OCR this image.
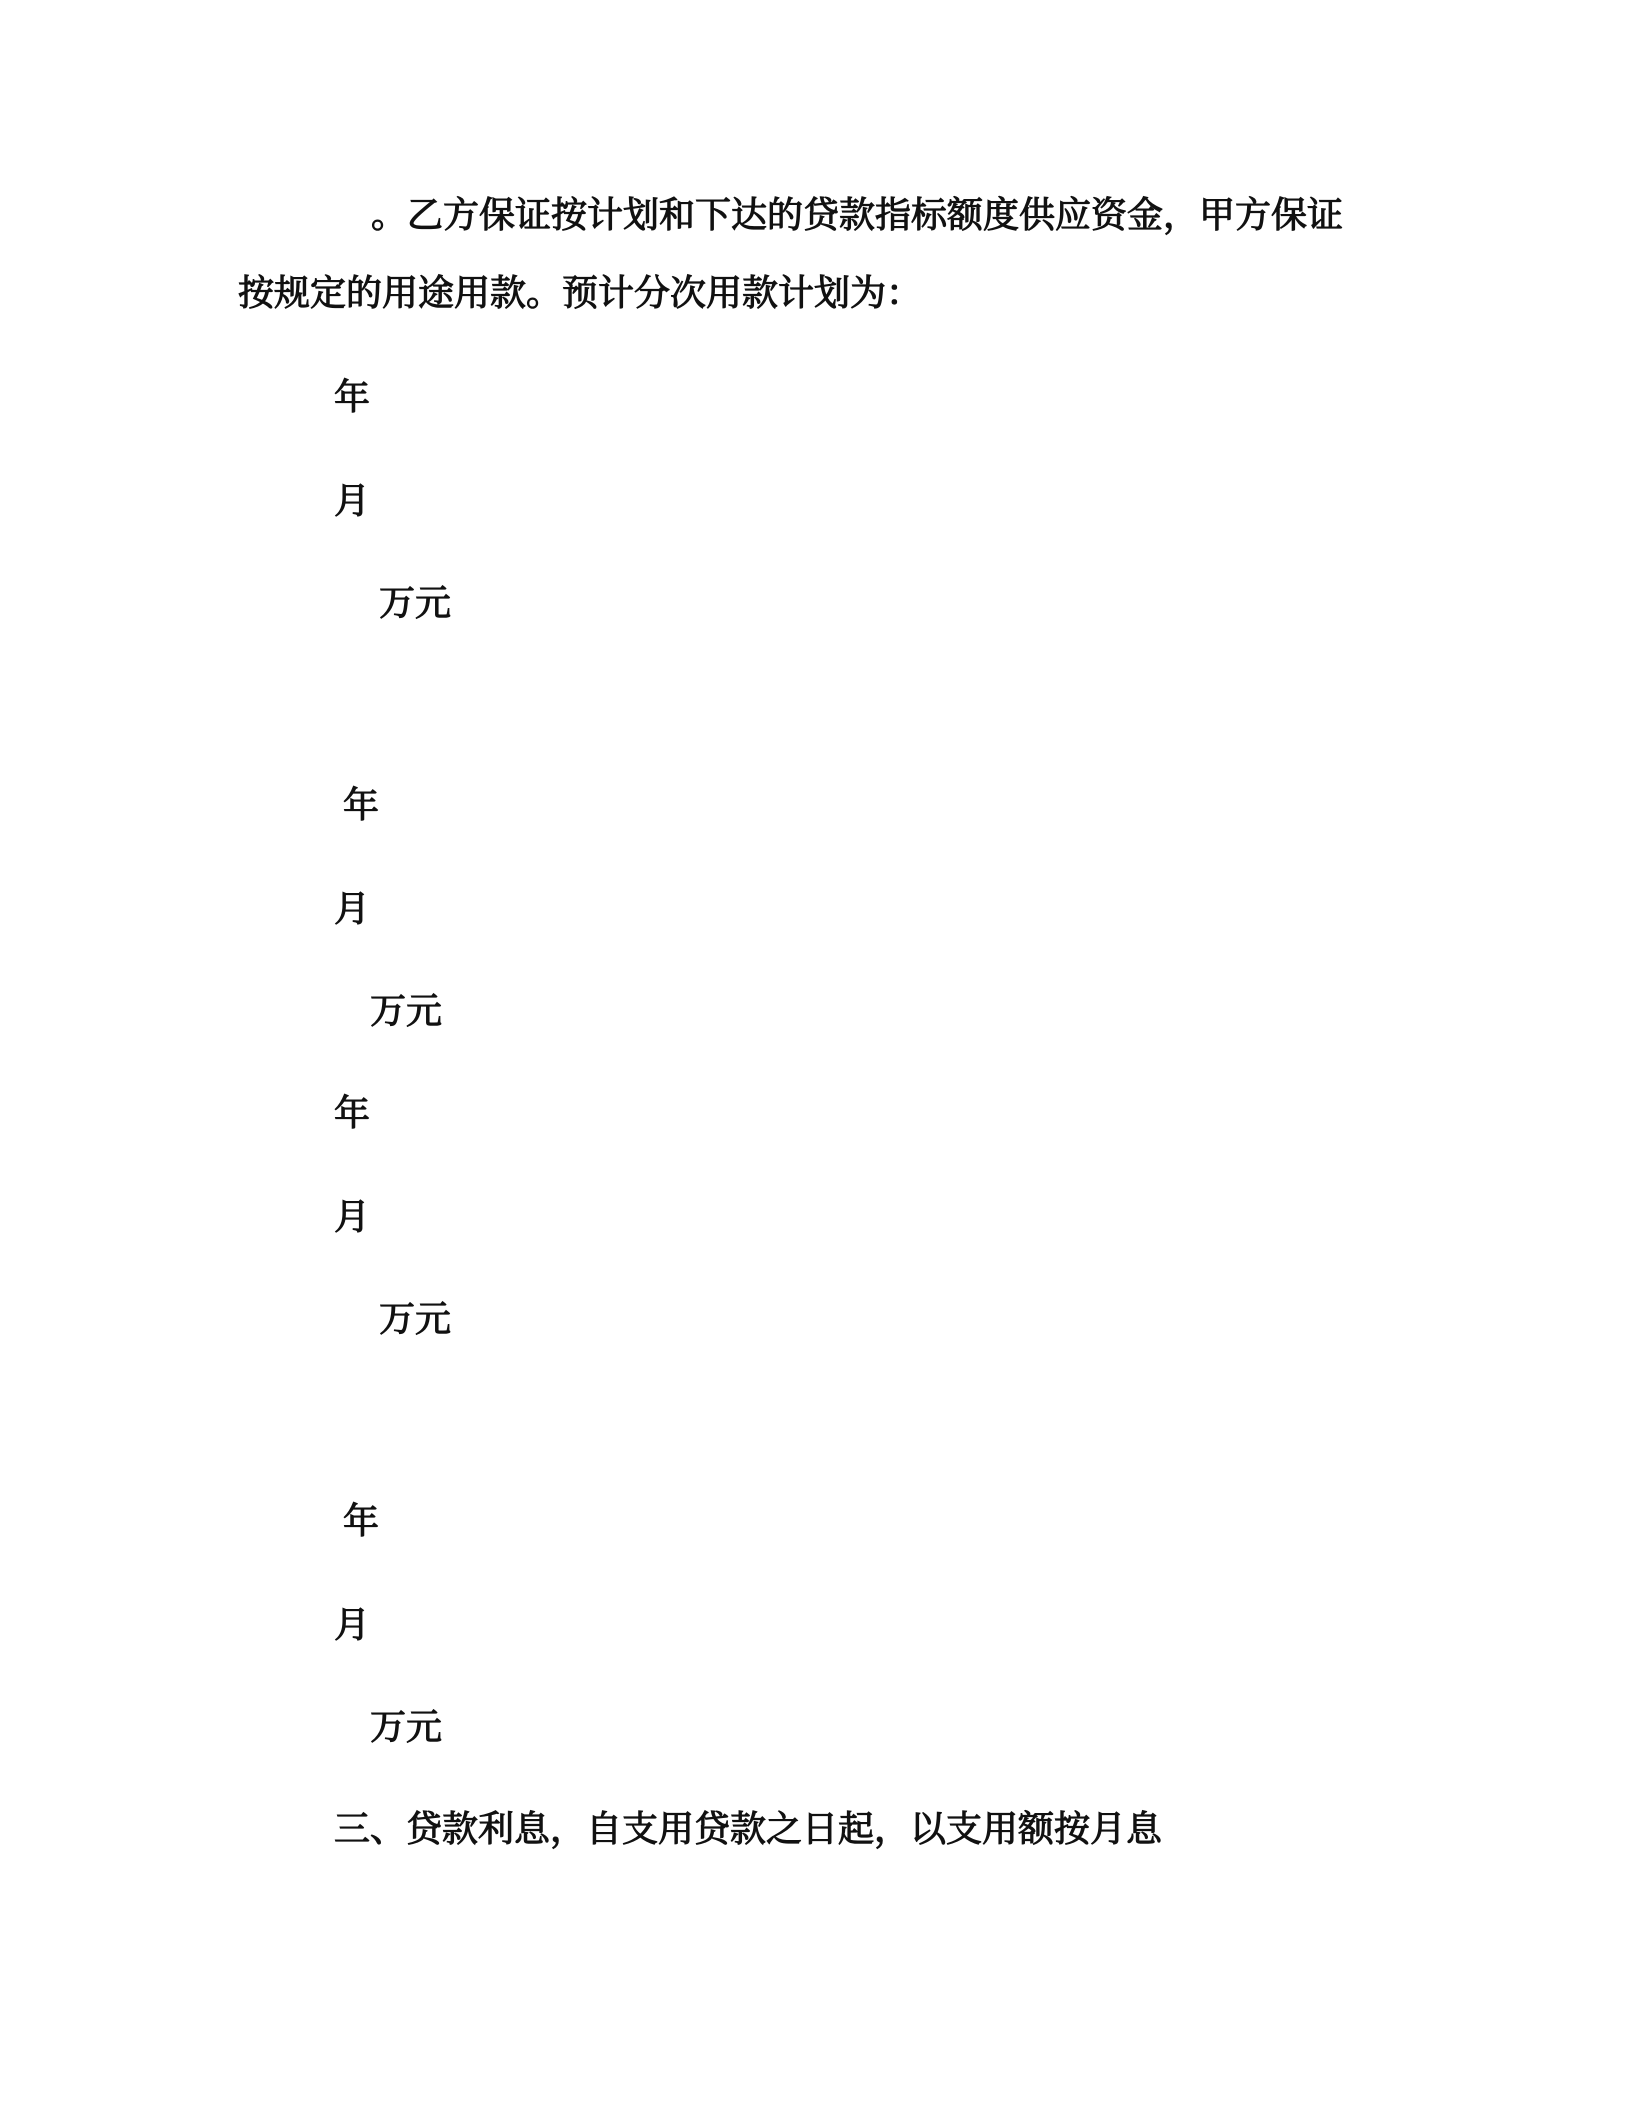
。乙方保证按计划和下达的贷款指标额度供应资金，甲方保证
按规定的用途用款。预计分次用款计划为：
年
月
万元
年
月
万元
年
月
万元
年
月
万元
三、贷款利息，自支用贷款之日起，以支用额按月息
